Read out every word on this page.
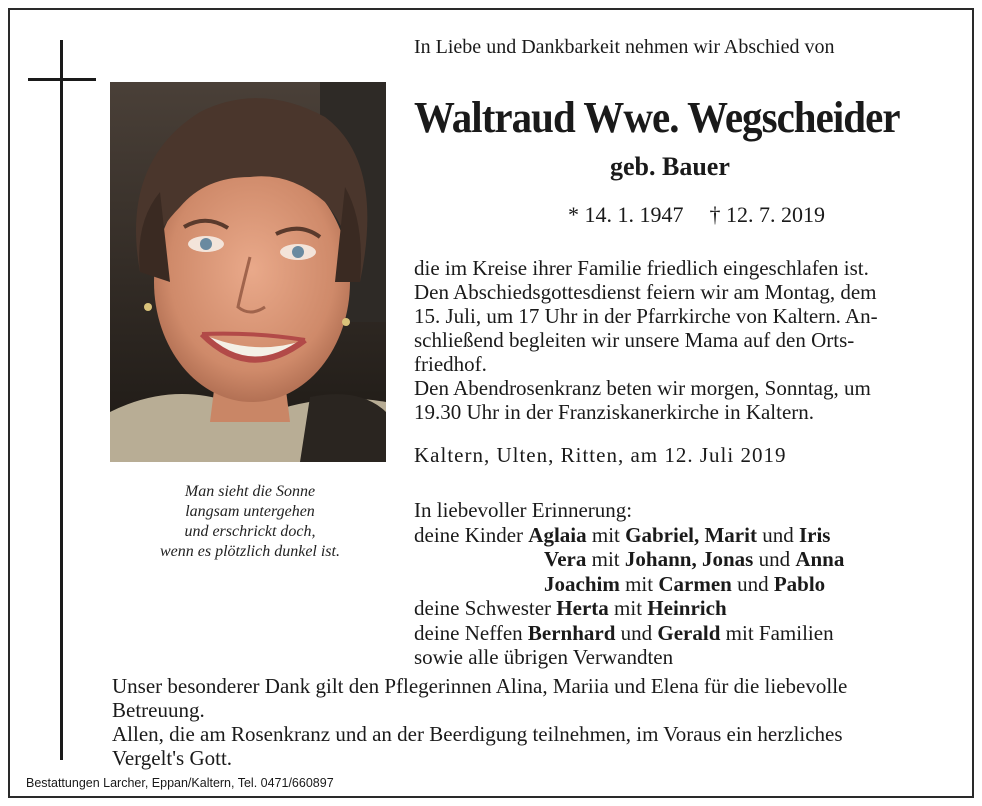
Man sieht die Sonne
langsam untergehen
und erschrickt doch,
wenn es plötzlich dunkel ist.
In Liebe und Dankbarkeit nehmen wir Abschied von
Waltraud Wwe. Wegscheider
geb. Bauer
* 14. 1. 1947 † 12. 7. 2019
die im Kreise ihrer Familie friedlich eingeschlafen ist.
Den Abschiedsgottesdienst feiern wir am Montag, dem
15. Juli, um 17 Uhr in der Pfarrkirche von Kaltern. An-
schließend begleiten wir unsere Mama auf den Orts-
friedhof.
Den Abendrosenkranz beten wir morgen, Sonntag, um
19.30 Uhr in der Franziskanerkirche in Kaltern.
Kaltern, Ulten, Ritten, am 12. Juli 2019
In liebevoller Erinnerung:
deine Kinder Aglaia mit Gabriel, Marit und Iris
Vera mit Johann, Jonas und Anna
Joachim mit Carmen und Pablo
deine Schwester Herta mit Heinrich
deine Neffen Bernhard und Gerald mit Familien
sowie alle übrigen Verwandten
Unser besonderer Dank gilt den Pflegerinnen Alina, Mariia und Elena für die liebevolle
Betreuung.
Allen, die am Rosenkranz und an der Beerdigung teilnehmen, im Voraus ein herzliches
Vergelt's Gott.
Bestattungen Larcher, Eppan/Kaltern, Tel. 0471/660897
